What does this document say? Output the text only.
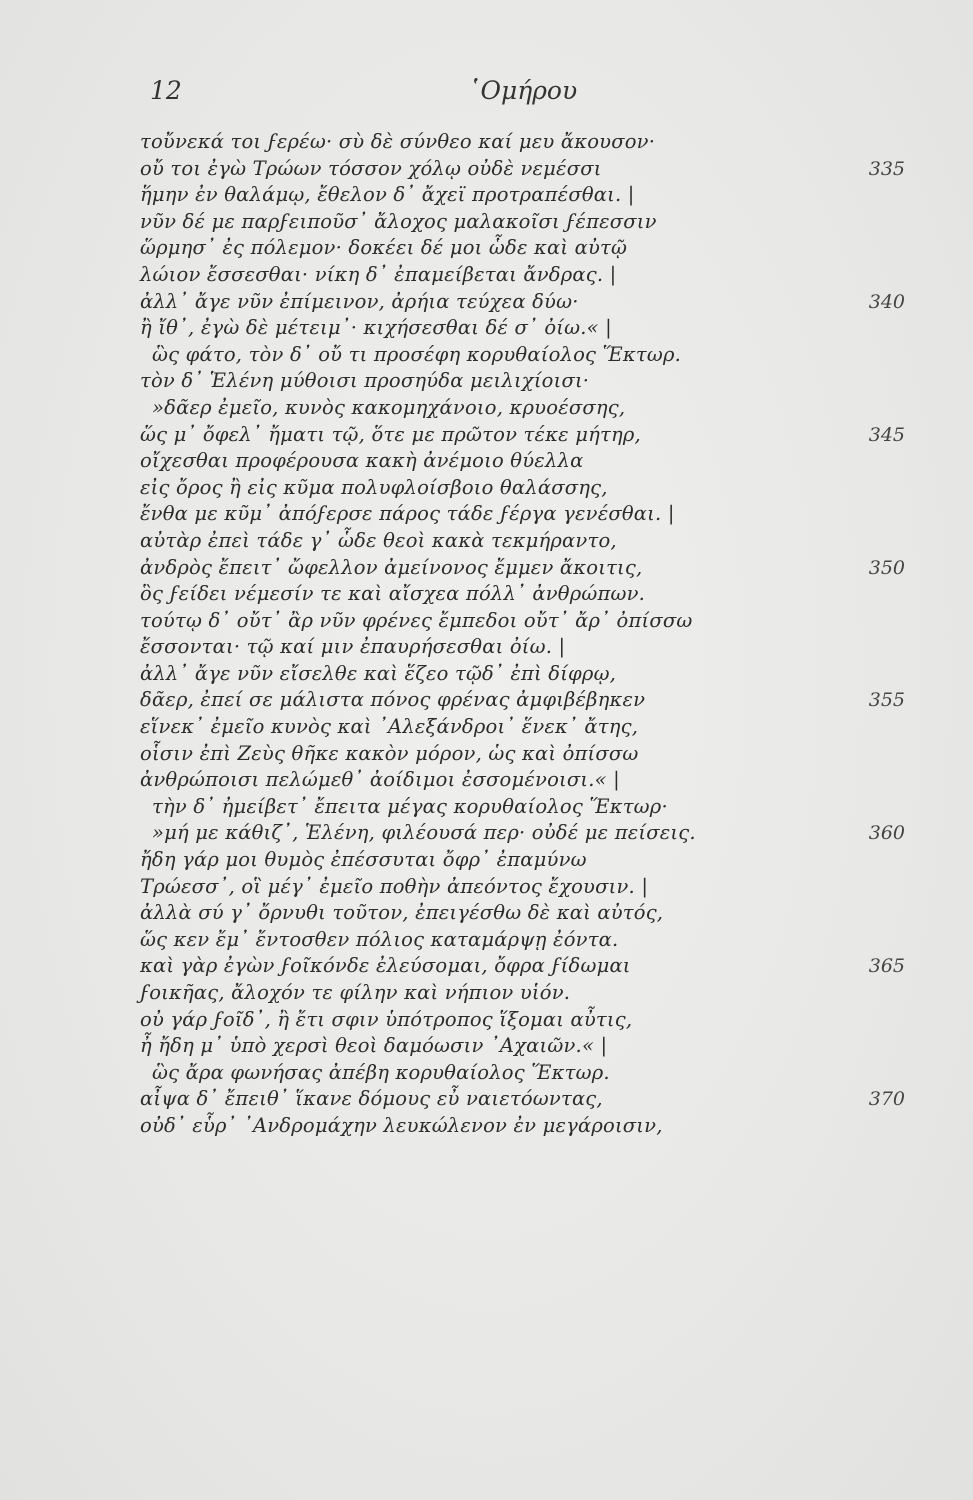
12	῾Ομήρου
τοὔνεκά τοι ϝερέω· σὺ δὲ σύνθεο καί μευ ἄκουσον·
οὔ τοι ἐγὼ Τρώων τόσσον χόλῳ οὐδὲ νεμέσσι	335
ἥμην ἐν θαλάμῳ, ἔθελον δ᾽ ἄχεϊ προτραπέσθαι. |
νῦν δέ με παρϝειποῦσ᾽ ἄλοχος μαλακοῖσι ϝέπεσσιν
ὥρμησ᾽ ἐς πόλεμον· δοκέει δέ μοι ὧδε καὶ αὐτῷ
λώιον ἔσσεσθαι· νίκη δ᾽ ἐπαμείβεται ἄνδρας. |
ἀλλ᾽ ἄγε νῦν ἐπίμεινον, ἀρήια τεύχεα δύω·	340
ἢ ἴθ᾽, ἐγὼ δὲ μέτειμ᾽· κιχήσεσθαι δέ σ᾽ ὀίω.« |
ὣς φάτο, τὸν δ᾽ οὔ τι προσέφη κορυθαίολος Ἕκτωρ.
τὸν δ᾽ Ἑλένη μύθοισι προσηύδα μειλιχίοισι·
»δᾶερ ἐμεῖο, κυνὸς κακομηχάνοιο, κρυοέσσης,
ὥς μ᾽ ὄφελ᾽ ἤματι τῷ, ὅτε με πρῶτον τέκε μήτηρ,	345
οἴχεσθαι προφέρουσα κακὴ ἀνέμοιο θύελλα
εἰς ὄρος ἢ εἰς κῦμα πολυφλοίσβοιο θαλάσσης,
ἔνθα με κῦμ᾽ ἀπόϝερσε πάρος τάδε ϝέργα γενέσθαι. |
αὐτὰρ ἐπεὶ τάδε γ᾽ ὧδε θεοὶ κακὰ τεκμήραντο,
ἀνδρὸς ἔπειτ᾽ ὤφελλον ἀμείνονος ἔμμεν ἄκοιτις,	350
ὃς ϝείδει νέμεσίν τε καὶ αἴσχεα πόλλ᾽ ἀνθρώπων.
τούτῳ δ᾽ οὔτ᾽ ἂρ νῦν φρένες ἔμπεδοι οὔτ᾽ ἄρ᾽ ὀπίσσω
ἔσσονται· τῷ καί μιν ἐπαυρήσεσθαι ὀίω. |
ἀλλ᾽ ἄγε νῦν εἴσελθε καὶ ἕζεο τῷδ᾽ ἐπὶ δίφρῳ,
δᾶερ, ἐπεί σε μάλιστα πόνος φρένας ἀμφιβέβηκεν	355
εἵνεκ᾽ ἐμεῖο κυνὸς καὶ ᾽Αλεξάνδροι᾽ ἕνεκ᾽ ἄτης,
οἷσιν ἐπὶ Ζεὺς θῆκε κακὸν μόρον, ὡς καὶ ὀπίσσω
ἀνθρώποισι πελώμεθ᾽ ἀοίδιμοι ἐσσομένοισι.« |
τὴν δ᾽ ἠμείβετ᾽ ἔπειτα μέγας κορυθαίολος Ἕκτωρ·
»μή με κάθιζ᾽, Ἑλένη, φιλέουσά περ· οὐδέ με πείσεις.	360
ἤδη γάρ μοι θυμὸς ἐπέσσυται ὄφρ᾽ ἐπαμύνω
Τρώεσσ᾽, οἳ μέγ᾽ ἐμεῖο ποθὴν ἀπεόντος ἔχουσιν. |
ἀλλὰ σύ γ᾽ ὄρνυθι τοῦτον, ἐπειγέσθω δὲ καὶ αὐτός,
ὥς κεν ἔμ᾽ ἔντοσθεν πόλιος καταμάρψῃ ἐόντα.
καὶ γὰρ ἐγὼν ϝοῖκόνδε ἐλεύσομαι, ὄφρα ϝίδωμαι	365
ϝοικῆας, ἄλοχόν τε φίλην καὶ νήπιον υἱόν.
οὐ γάρ ϝοῖδ᾽, ἢ ἔτι σφιν ὑπότροπος ἵξομαι αὖτις,
ἦ ἤδη μ᾽ ὑπὸ χερσὶ θεοὶ δαμόωσιν ᾽Αχαιῶν.« |
ὣς ἄρα φωνήσας ἀπέβη κορυθαίολος Ἕκτωρ.
αἶψα δ᾽ ἔπειθ᾽ ἵκανε δόμους εὖ ναιετόωντας,	370
οὐδ᾽ εὗρ᾽ ᾽Ανδρομάχην λευκώλενον ἐν μεγάροισιν,
